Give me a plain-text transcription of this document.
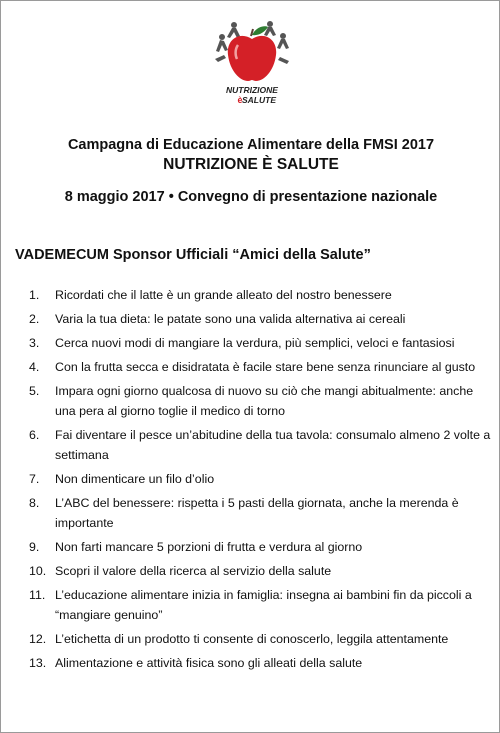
NUTRIZIONE
è SALUTE
Campagna di Educazione Alimentare della FMSI 2017
NUTRIZIONE È SALUTE
8 maggio 2017 • Convegno di presentazione nazionale
VADEMECUM Sponsor Ufficiali “Amici della Salute”
1. Ricordati che il latte è un grande alleato del nostro benessere
2. Varia la tua dieta: le patate sono una valida alternativa ai cereali
3. Cerca nuovi modi di mangiare la verdura, più semplici, veloci e fantasiosi
4. Con la frutta secca e disidratata è facile stare bene senza rinunciare al gusto
5. Impara ogni giorno qualcosa di nuovo su ciò che mangi abitualmente: anche una pera al giorno toglie il medico di torno
6. Fai diventare il pesce un’abitudine della tua tavola: consumalo almeno 2 volte a settimana
7. Non dimenticare un filo d’olio
8. L’ABC del benessere: rispetta i 5 pasti della giornata, anche la merenda è importante
9. Non farti mancare 5 porzioni di frutta e verdura al giorno
10. Scopri il valore della ricerca al servizio della salute
11. L’educazione alimentare inizia in famiglia: insegna ai bambini fin da piccoli a “mangiare genuino”
12. L’etichetta di un prodotto ti consente di conoscerlo, leggila attentamente
13. Alimentazione e attività fisica sono gli alleati della salute
